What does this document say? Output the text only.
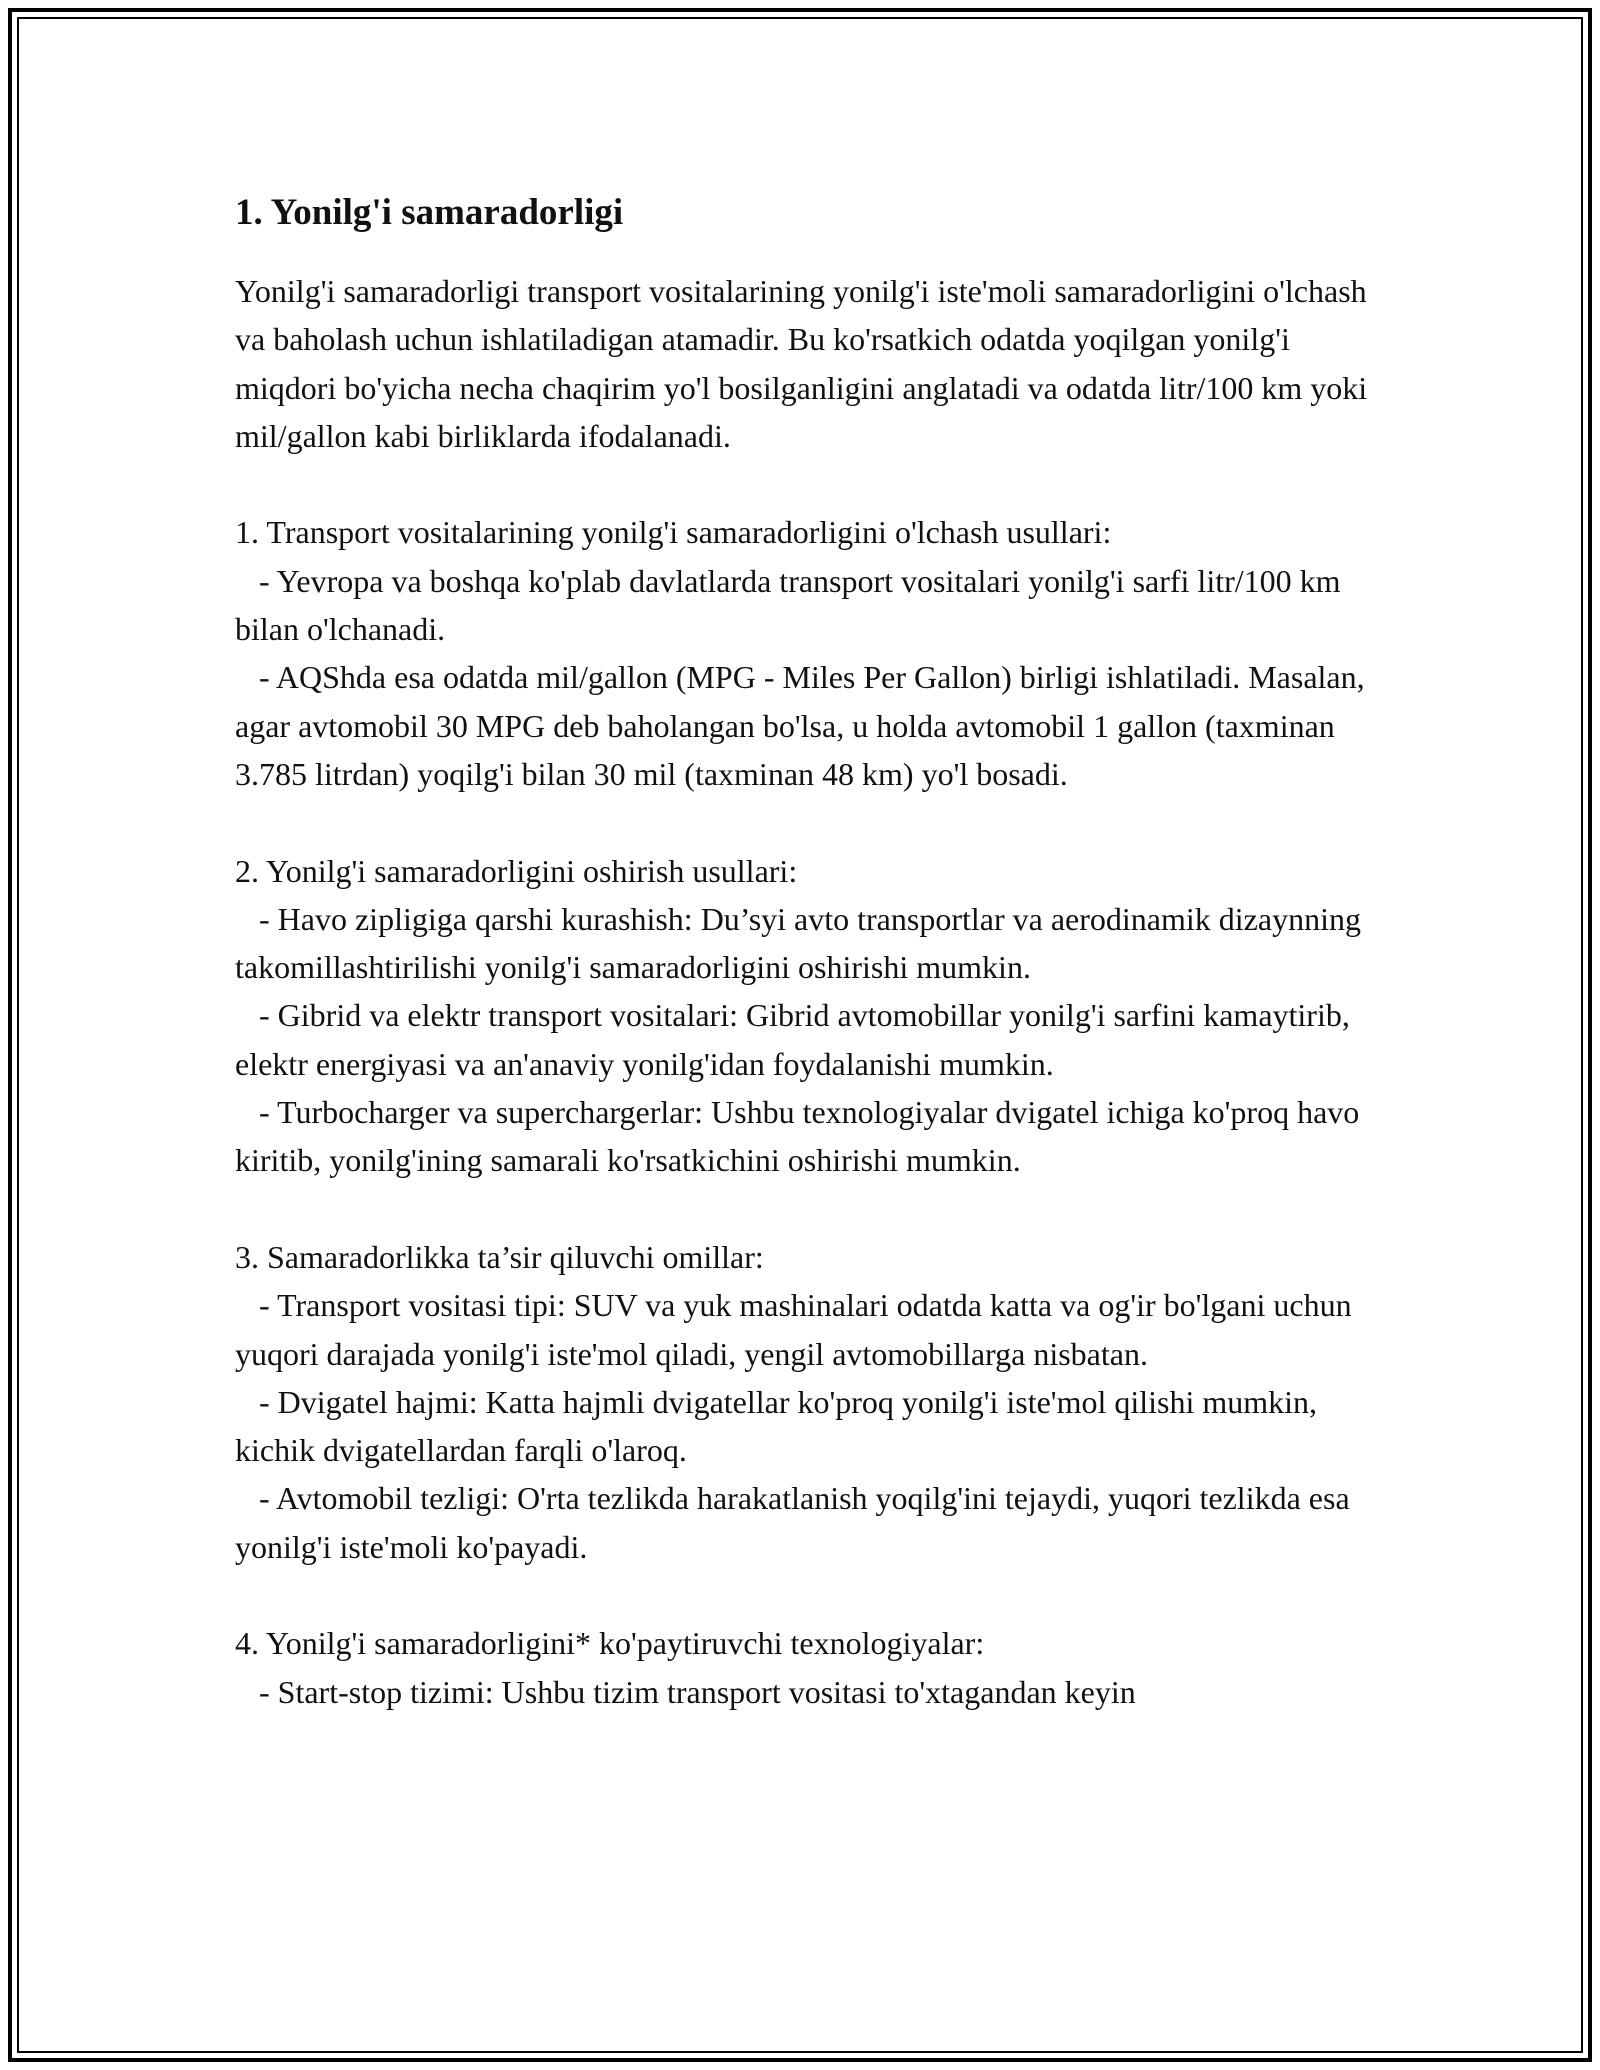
1. Yonilg'i samaradorligi

Yonilg'i samaradorligi transport vositalarining yonilg'i iste'moli samaradorligini o'lchash va baholash uchun ishlatiladigan atamadir. Bu ko'rsatkich odatda yoqilgan yonilg'i miqdori bo'yicha necha chaqirim yo'l bosilganligini anglatadi va odatda litr/100 km yoki mil/gallon kabi birliklarda ifodalanadi.

1. Transport vositalarining yonilg'i samaradorligini o'lchash usullari:

- Yevropa va boshqa ko'plab davlatlarda transport vositalari yonilg'i sarfi litr/100 km bilan o'lchanadi.

- AQShda esa odatda mil/gallon (MPG - Miles Per Gallon) birligi ishlatiladi. Masalan, agar avtomobil 30 MPG deb baholangan bo'lsa, u holda avtomobil 1 gallon (taxminan 3.785 litrdan) yoqilg'i bilan 30 mil (taxminan 48 km) yo'l bosadi.

2. Yonilg'i samaradorligini oshirish usullari:

- Havo zipligiga qarshi kurashish: Du’syi avto transportlar va aerodinamik dizaynning takomillashtirilishi yonilg'i samaradorligini oshirishi mumkin.

- Gibrid va elektr transport vositalari: Gibrid avtomobillar yonilg'i sarfini kamaytirib, elektr energiyasi va an'anaviy yonilg'idan foydalanishi mumkin.

- Turbocharger va superchargerlar: Ushbu texnologiyalar dvigatel ichiga ko'proq havo kiritib, yonilg'ining samarali ko'rsatkichini oshirishi mumkin.

3. Samaradorlikka ta’sir qiluvchi omillar:

- Transport vositasi tipi: SUV va yuk mashinalari odatda katta va og'ir bo'lgani uchun yuqori darajada yonilg'i iste'mol qiladi, yengil avtomobillarga nisbatan.

- Dvigatel hajmi: Katta hajmli dvigatellar ko'proq yonilg'i iste'mol qilishi mumkin, kichik dvigatellardan farqli o'laroq.

- Avtomobil tezligi: O'rta tezlikda harakatlanish yoqilg'ini tejaydi, yuqori tezlikda esa yonilg'i iste'moli ko'payadi.

4. Yonilg'i samaradorligini* ko'paytiruvchi texnologiyalar:

- Start-stop tizimi: Ushbu tizim transport vositasi to'xtagandan keyin
